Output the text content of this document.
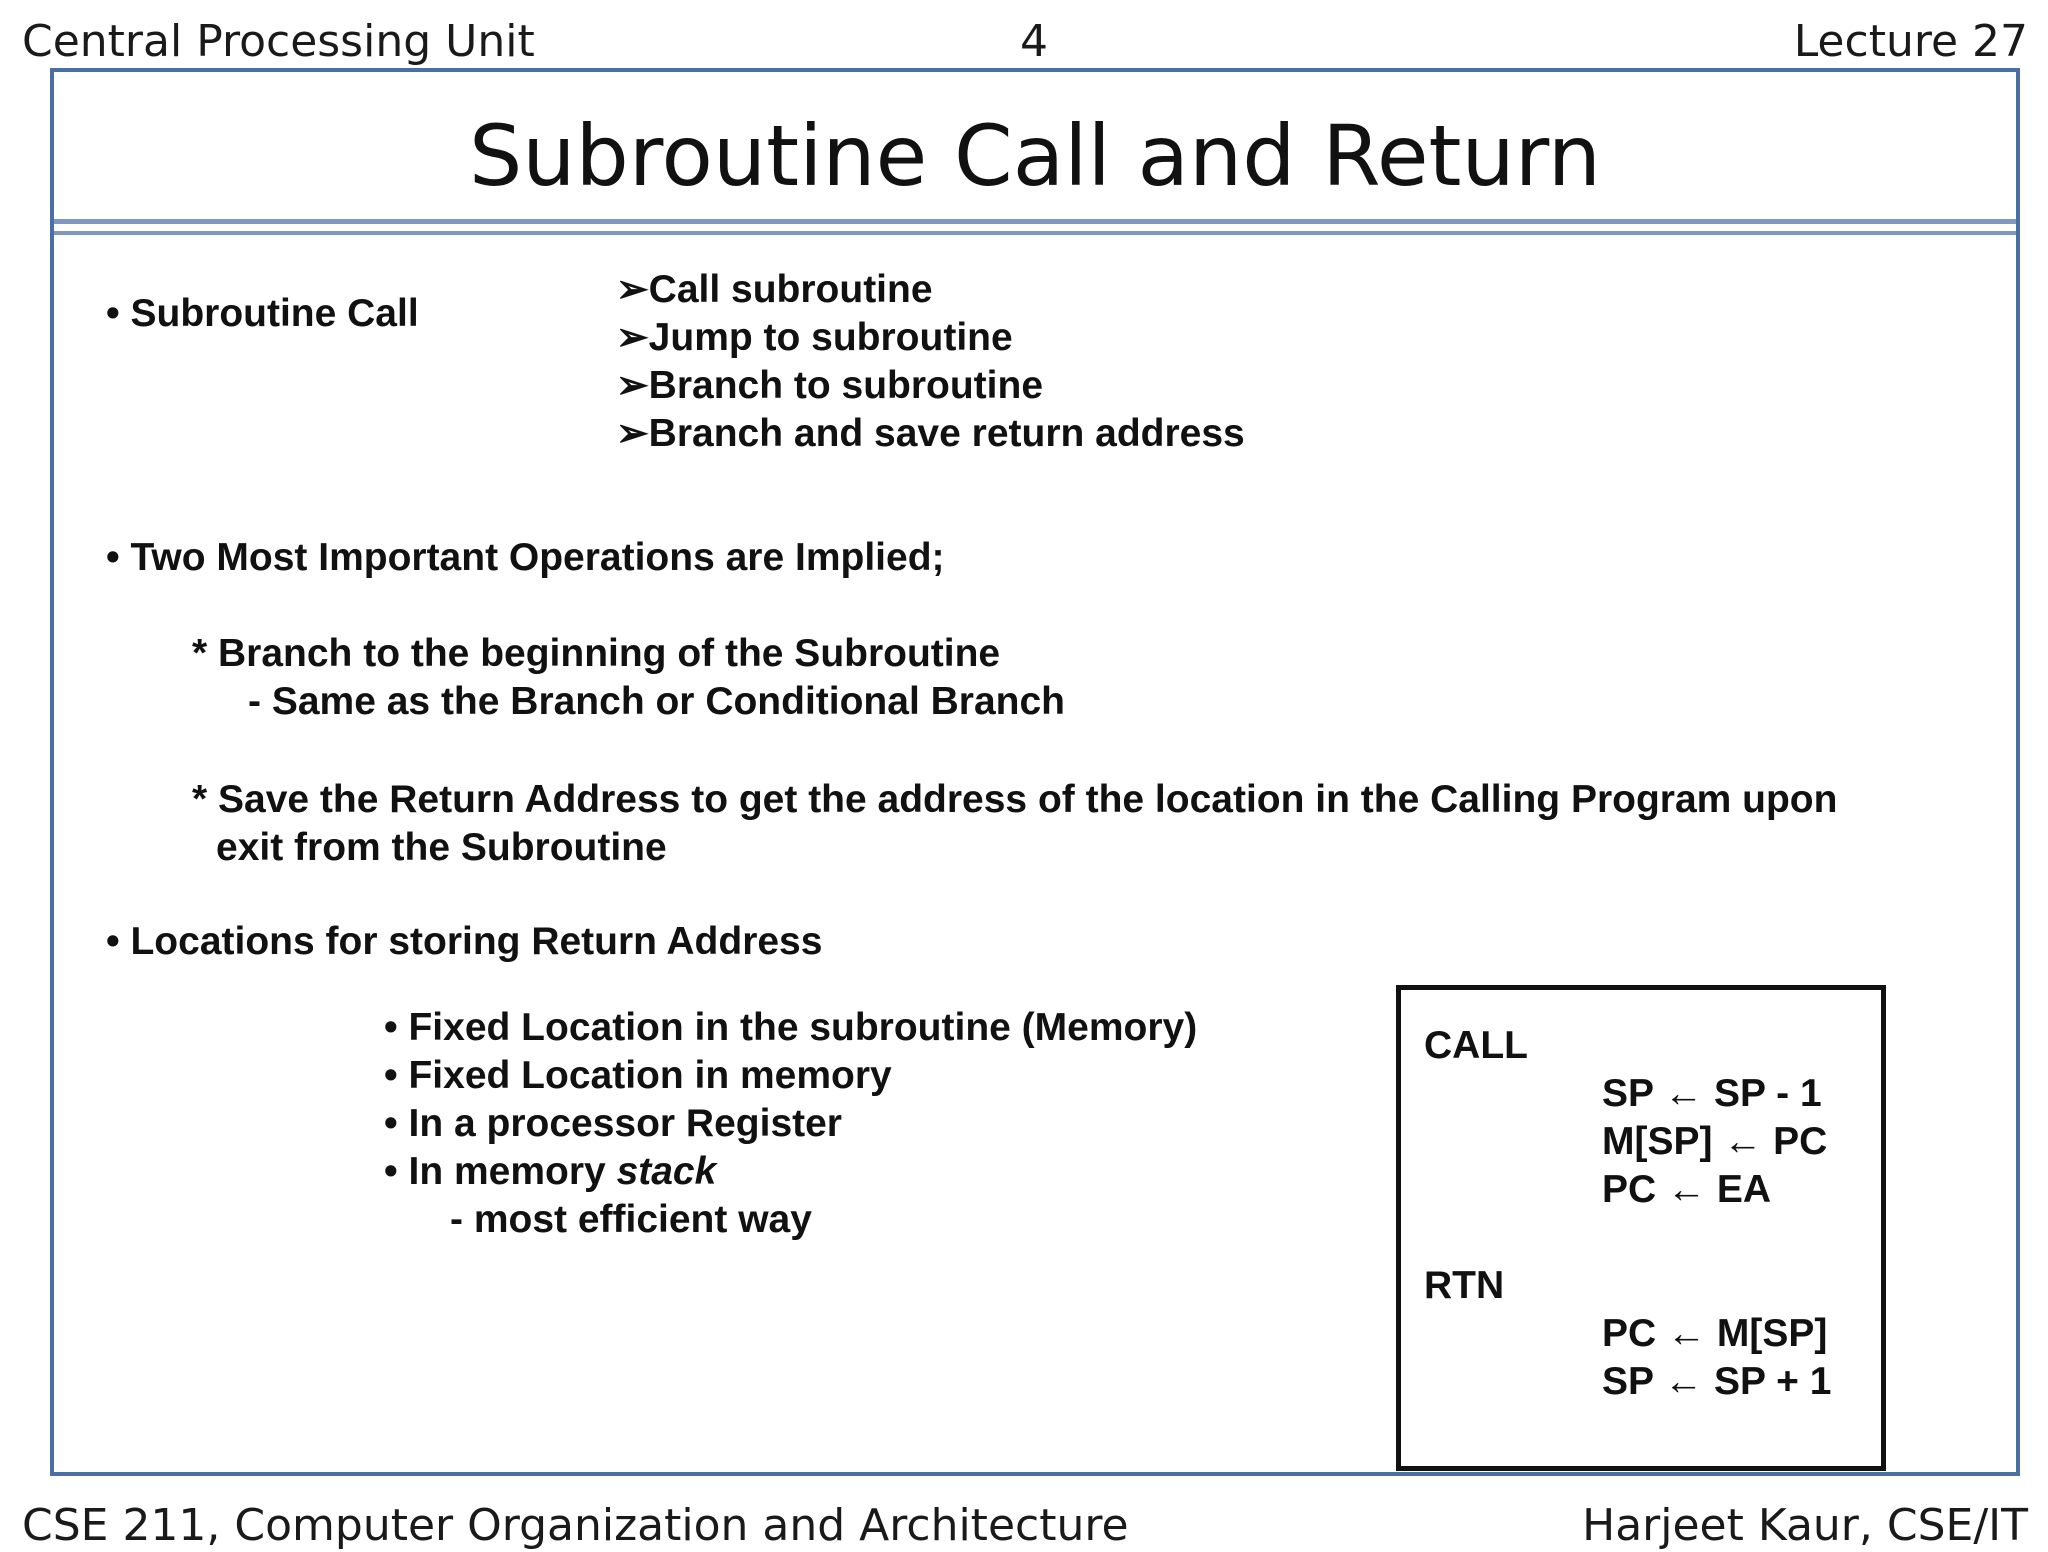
Central Processing Unit	4	Lecture 27
Subroutine Call and Return
• Subroutine Call
➢Call subroutine
➢Jump to subroutine
➢Branch to subroutine
➢Branch and save return address
• Two Most Important Operations are Implied;
* Branch to the beginning of the Subroutine
- Same as the Branch or Conditional Branch
* Save the Return Address to get the address of the location in the Calling Program upon
exit from the Subroutine
• Locations for storing Return Address
• Fixed Location in the subroutine (Memory)
• Fixed Location in memory
• In a processor Register
• In memory stack
- most efficient way
CALL
SP ← SP - 1
M[SP] ← PC
PC ← EA
RTN
PC ← M[SP]
SP ← SP + 1
CSE 211, Computer Organization and Architecture	Harjeet Kaur, CSE/IT
